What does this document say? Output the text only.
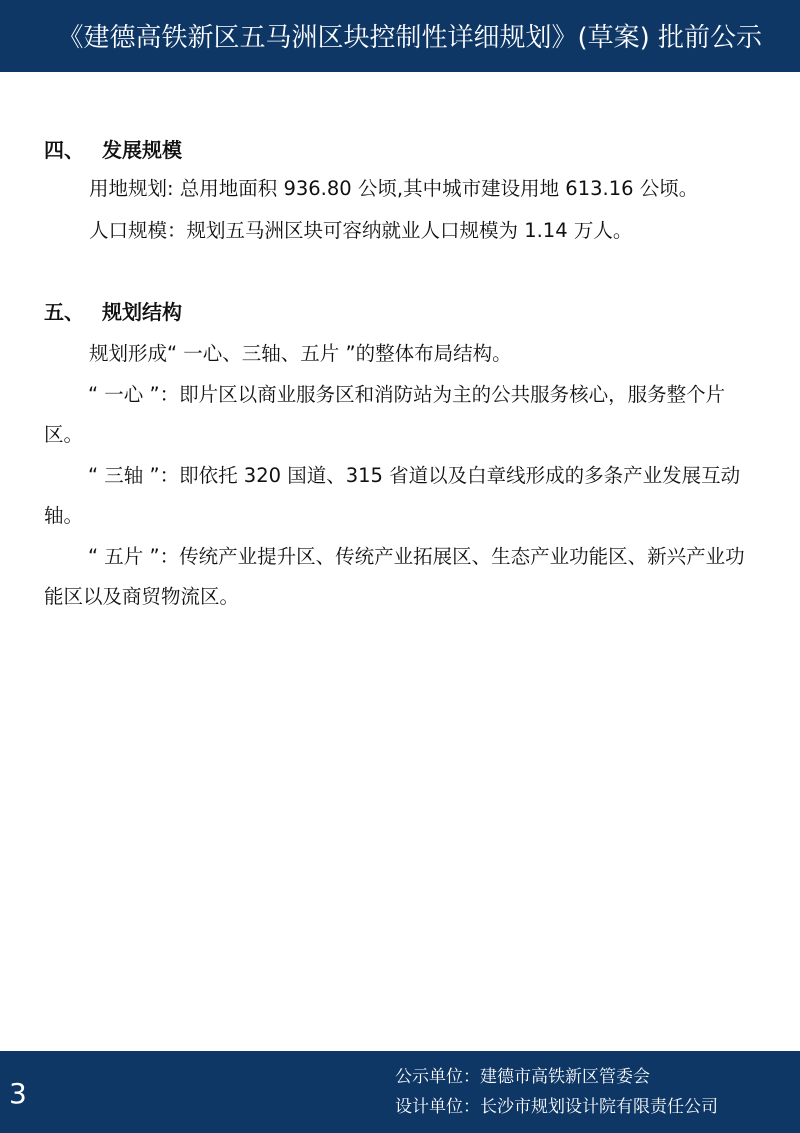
《建德高铁新区五马洲区块控制性详细规划》(草案) 批前公示
四、 发展规模
用地规划: 总用地面积 936.80 公顷,其中城市建设用地 613.16 公顷。
人口规模：规划五马洲区块可容纳就业人口规模为 1.14 万人。
五、 规划结构
规划形成“ 一心、三轴、五片 ”的整体布局结构。
“ 一心 ”：即片区以商业服务区和消防站为主的公共服务核心，服务整个片区。
“ 三轴 ”：即依托 320 国道、315 省道以及白章线形成的多条产业发展互动轴。
“ 五片 ”：传统产业提升区、传统产业拓展区、生态产业功能区、新兴产业功能区以及商贸物流区。
3	公示单位：建德市高铁新区管委会
设计单位：长沙市规划设计院有限责任公司
